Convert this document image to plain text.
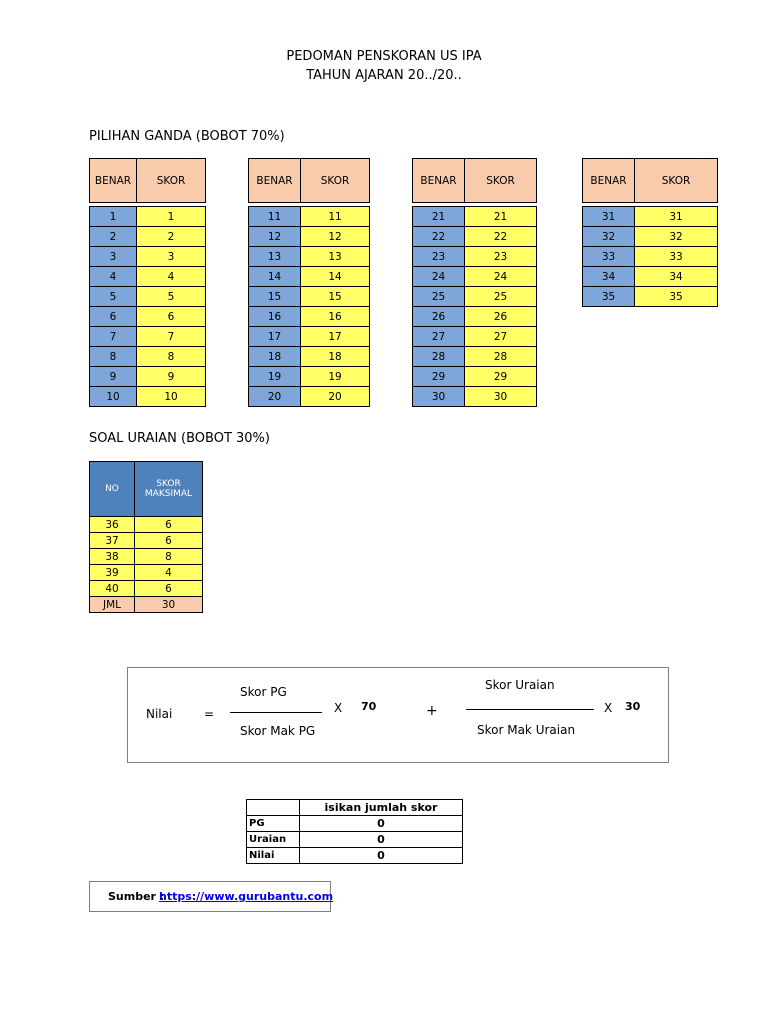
PEDOMAN PENSKORAN US IPA
TAHUN AJARAN 20../20..
PILIHAN GANDA (BOBOT 70%)
BENAR	SKOR

1	1
2	2
3	3
4	4
5	5
6	6
7	7
8	8
9	9
10	10
BENAR	SKOR

11	11
12	12
13	13
14	14
15	15
16	16
17	17
18	18
19	19
20	20
BENAR	SKOR

21	21
22	22
23	23
24	24
25	25
26	26
27	27
28	28
29	29
30	30
BENAR	SKOR

31	31
32	32
33	33
34	34
35	35
SOAL URAIAN (BOBOT 30%)
NO	SKOR MAKSIMAL
36	6
37	6
38	8
39	4
40	6
JML	30
Nilai	=
Skor PG
Skor Mak PG
X 70	+
Skor Uraian
Skor Mak Uraian
X 30
	isikan jumlah skor
PG	0
Uraian	0
Nilai	0
Sumber :
https://www.gurubantu.com
